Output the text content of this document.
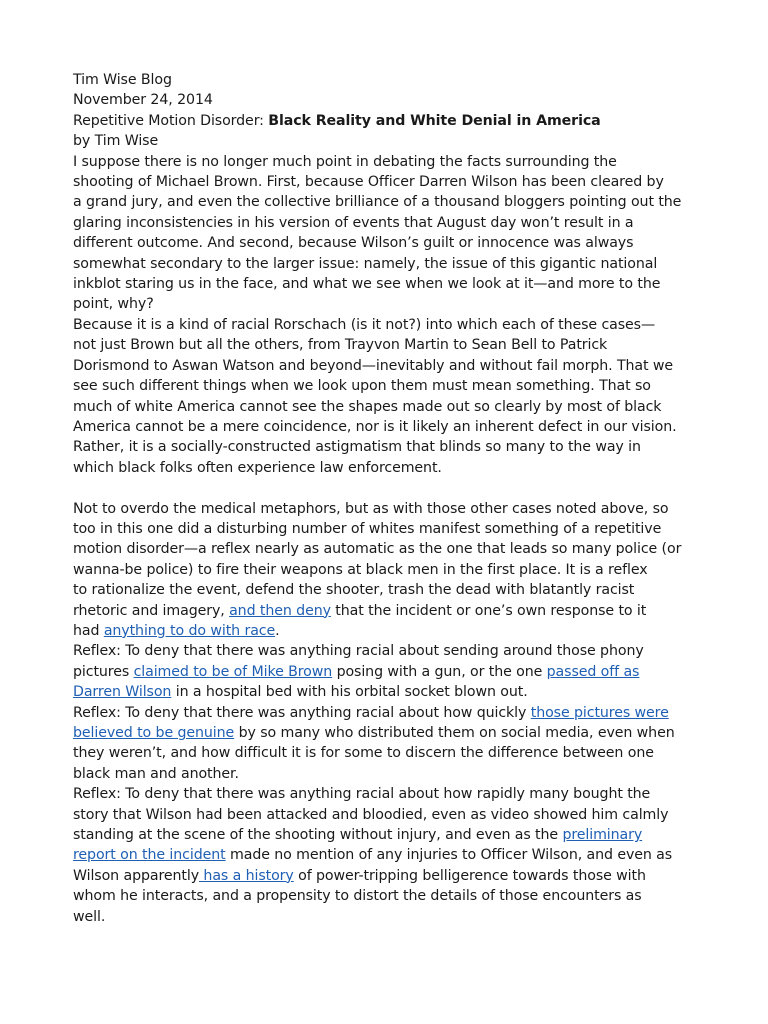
Tim Wise Blog
November 24, 2014
Repetitive Motion Disorder: Black Reality and White Denial in America
by Tim Wise
I suppose there is no longer much point in debating the facts surrounding the
shooting of Michael Brown. First, because Officer Darren Wilson has been cleared by
a grand jury, and even the collective brilliance of a thousand bloggers pointing out the
glaring inconsistencies in his version of events that August day won’t result in a
different outcome. And second, because Wilson’s guilt or innocence was always
somewhat secondary to the larger issue: namely, the issue of this gigantic national
inkblot staring us in the face, and what we see when we look at it—and more to the
point, why?
Because it is a kind of racial Rorschach (is it not?) into which each of these cases—
not just Brown but all the others, from Trayvon Martin to Sean Bell to Patrick
Dorismond to Aswan Watson and beyond—inevitably and without fail morph. That we
see such different things when we look upon them must mean something. That so
much of white America cannot see the shapes made out so clearly by most of black
America cannot be a mere coincidence, nor is it likely an inherent defect in our vision.
Rather, it is a socially-constructed astigmatism that blinds so many to the way in
which black folks often experience law enforcement.
Not to overdo the medical metaphors, but as with those other cases noted above, so
too in this one did a disturbing number of whites manifest something of a repetitive
motion disorder—a reflex nearly as automatic as the one that leads so many police (or
wanna-be police) to fire their weapons at black men in the first place. It is a reflex
to rationalize the event, defend the shooter, trash the dead with blatantly racist
rhetoric and imagery, and then deny that the incident or one’s own response to it
had anything to do with race.
Reflex: To deny that there was anything racial about sending around those phony
pictures claimed to be of Mike Brown posing with a gun, or the one passed off as
Darren Wilson in a hospital bed with his orbital socket blown out.
Reflex: To deny that there was anything racial about how quickly those pictures were
believed to be genuine by so many who distributed them on social media, even when
they weren’t, and how difficult it is for some to discern the difference between one
black man and another.
Reflex: To deny that there was anything racial about how rapidly many bought the
story that Wilson had been attacked and bloodied, even as video showed him calmly
standing at the scene of the shooting without injury, and even as the preliminary
report on the incident made no mention of any injuries to Officer Wilson, and even as
Wilson apparently has a history of power-tripping belligerence towards those with
whom he interacts, and a propensity to distort the details of those encounters as
well.
